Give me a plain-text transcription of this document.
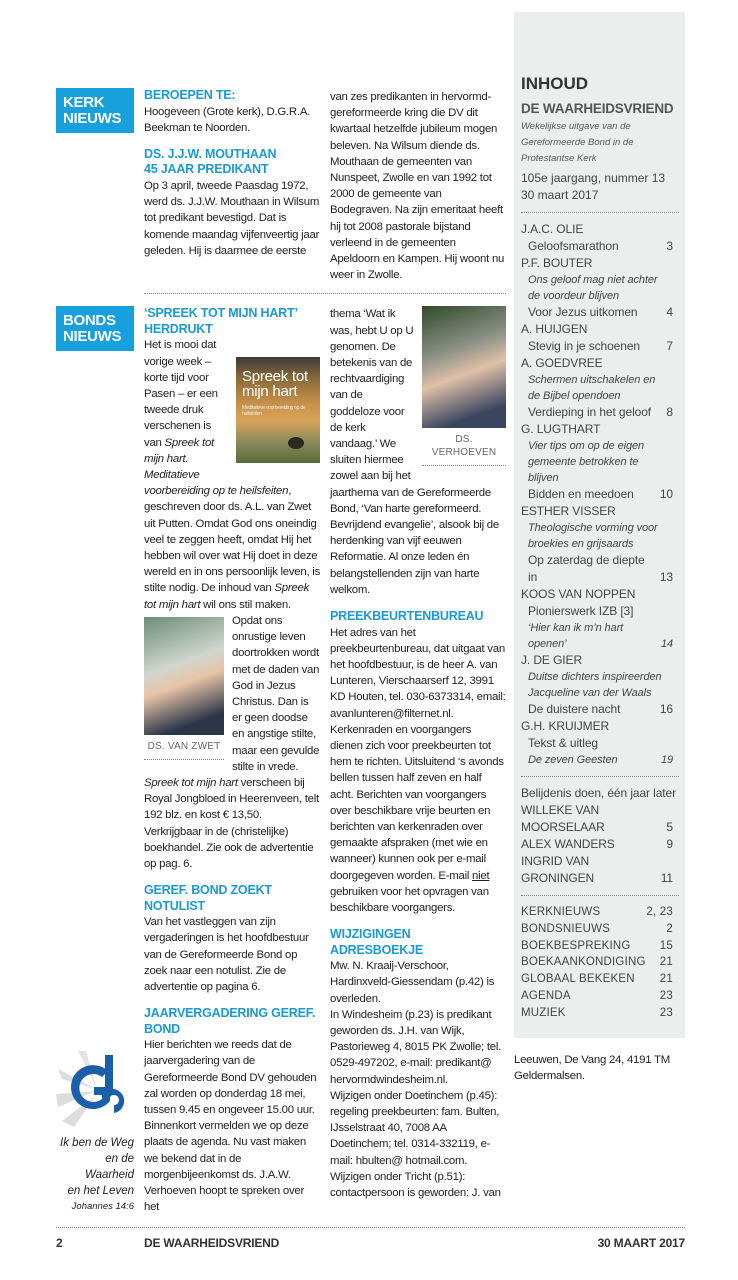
KERK
NIEUWS
BEROEPEN TE:

Hoogeveen (Grote kerk), D.G.R.A. Beekman te Noorden.

DS. J.J.W. MOUTHAAN
45 JAAR PREDIKANT

Op 3 april, tweede Paasdag 1972, werd ds. J.J.W. Mouthaan in Wilsum tot predikant bevestigd. Dat is komende maandag vijfenveertig jaar geleden. Hij is daarmee de eerste

van zes predikanten in hervormd-gereformeerde kring die DV dit kwartaal hetzelfde jubileum mogen beleven. Na Wilsum diende ds. Mouthaan de gemeenten van Nunspeet, Zwolle en van 1992 tot 2000 de gemeente van Bodegraven. Na zijn emeritaat heeft hij tot 2008 pastorale bijstand verleend in de gemeenten Apeldoorn en Kampen. Hij woont nu weer in Zwolle.

BONDS
NIEUWS
Ik ben de Weg
en de Waarheid
en het Leven
Johannes 14:6
‘SPREEK TOT MIJN HART’
HERDRUKT

Spreek tot mijn hart
Meditatieve voorbereiding op de heilsfeiten
Het is mooi dat vorige week – korte tijd voor Pasen – er een tweede druk verschenen is van Spreek tot mijn hart. Meditatieve voorbereiding op te heilsfeiten, geschreven door ds. A.L. van Zwet uit Putten. Omdat God ons oneindig veel te zeggen heeft, omdat Hij het hebben wil over wat Hij doet in deze wereld en in ons persoonlijk leven, is stilte nodig. De inhoud van Spreek tot mijn hart wil ons stil maken.

DS. VAN ZWET
Opdat ons onrustige leven doortrokken wordt met de daden van God in Jezus Christus. Dan is er geen doodse en angstige stilte, maar een gevulde stilte in vrede. Spreek tot mijn hart verscheen bij Royal Jongbloed in Heerenveen, telt 192 blz. en kost € 13,50. Verkrijgbaar in de (christelijke) boekhandel. Zie ook de advertentie op pag. 6.

GEREF. BOND ZOEKT NOTULIST

Van het vastleggen van zijn vergaderingen is het hoofdbestuur van de Gereformeerde Bond op zoek naar een notulist. Zie de advertentie op pagina 6.

JAARVERGADERING GEREF. BOND

Hier berichten we reeds dat de jaarvergadering van de Gereformeerde Bond DV gehouden zal worden op donderdag 18 mei, tussen 9.45 en ongeveer 15.00 uur. Binnenkort vermelden we op deze plaats de agenda. Nu vast maken we bekend dat in de morgenbijeenkomst ds. J.A.W. Verhoeven hoopt te spreken over het

DS. VERHOEVEN
thema ‘Wat ik was, hebt U op U genomen. De betekenis van de rechtvaardiging van de goddeloze voor de kerk vandaag.’ We sluiten hiermee zowel aan bij het jaarthema van de Gereformeerde Bond, ‘Van harte gereformeerd. Bevrijdend evangelie’, alsook bij de herdenking van vijf eeuwen Reformatie. Al onze leden én belangstellenden zijn van harte welkom.

PREEKBEURTENBUREAU

Het adres van het preekbeurtenbureau, dat uitgaat van het hoofdbestuur, is de heer A. van Lunteren, Vierschaarserf 12, 3991 KD Houten, tel. 030-6373314, email: avanlunteren@filternet.nl. Kerkenraden en voorgangers dienen zich voor preekbeurten tot hem te richten. Uitsluitend ‘s avonds bellen tussen half zeven en half acht. Berichten van voorgangers over beschikbare vrije beurten en berichten van kerkenraden over gemaakte afspraken (met wie en wanneer) kunnen ook per e-mail doorgegeven worden. E-mail niet gebruiken voor het opvragen van beschikbare voorgangers.

WIJZIGINGEN ADRESBOEKJE

Mw. N. Kraaij-Verschoor, Hardinxveld-Giessendam (p.42) is overleden.

In Windesheim (p.23) is predikant geworden ds. J.H. van Wijk, Pastorieweg 4, 8015 PK Zwolle; tel. 0529-497202, e-mail: predikant@ hervormdwindesheim.nl.

Wijzigen onder Doetinchem (p.45): regeling preekbeurten: fam. Bulten, IJsselstraat 40, 7008 AA Doetinchem; tel. 0314-332119, e-mail: hbulten@ hotmail.com.

Wijzigen onder Tricht (p.51): contactpersoon is geworden: J. van

INHOUD
DE WAARHEIDSVRIEND
Wekelijkse uitgave van de Gereformeerde Bond in de Protestantse Kerk
105e jaargang, nummer 13
30 maart 2017
J.A.C. OLIE
Geloofsmarathon	3
P.F. BOUTER
Ons geloof mag niet achter de voordeur blijven
Voor Jezus uitkomen	4
A. HUIJGEN
Stevig in je schoenen	7
A. GOEDVREE
Schermen uitschakelen en de Bijbel opendoen
Verdieping in het geloof	8
G. LUGTHART
Vier tips om op de eigen gemeente betrokken te blijven
Bidden en meedoen	10
ESTHER VISSER
Theologische vorming voor broekies en grijsaards
Op zaterdag de diepte in	13
KOOS VAN NOPPEN
Pionierswerk IZB [3]
‘Hier kan ik m’n hart openen’	14
J. DE GIER
Duitse dichters inspireerden Jacqueline van der Waals
De duistere nacht	16
G.H. KRUIJMER
Tekst & uitleg
De zeven Geesten	19
Belijdenis doen, één jaar later
WILLEKE VAN MOORSELAAR	5
ALEX WANDERS	9
INGRID VAN GRONINGEN	11
KERKNIEUWS	2, 23
BONDSNIEUWS	2
BOEKBESPREKING	15
BOEKAANKONDIGING 21
GLOBAAL BEKEKEN 21
AGENDA	23
MUZIEK	23

Leeuwen, De Vang 24, 4191 TM Geldermalsen.

2	DE WAARHEIDSVRIEND	30 MAART 2017
